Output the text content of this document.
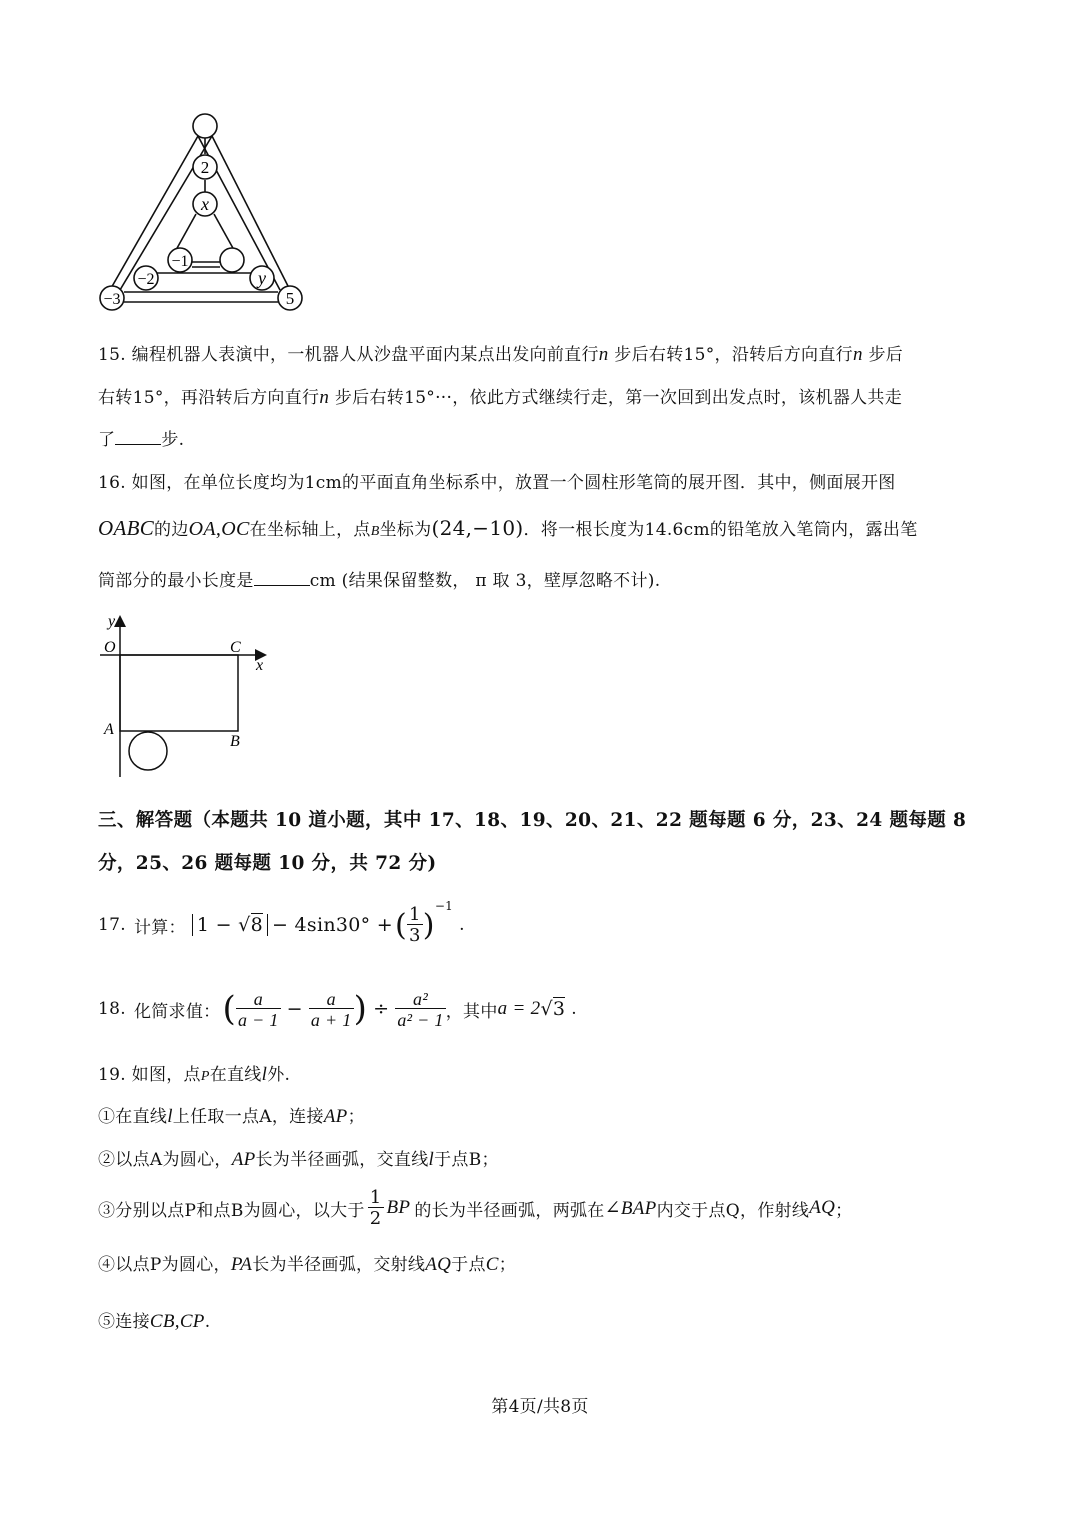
2
x
−1
−2	y
−3	5
15. 编程机器人表演中，一机器人从沙盘平面内某点出发向前直行n 步后右转15°，沿转后方向直行n 步后
右转15°，再沿转后方向直行n 步后右转15°···，依此方式继续行走，第一次回到出发点时，该机器人共走
了	步.
16. 如图，在单位长度均为1cm的平面直角坐标系中，放置一个圆柱形笔筒的展开图．其中，侧面展开图
OABC的边OA,OC在坐标轴上，点B坐标为(24,−10)．将一根长度为14.6cm的铅笔放入笔筒内，露出笔
筒部分的最小长度是	cm (结果保留整数， π 取 3，壁厚忽略不计).
y
x
O	C
A
B
三、解答题（本题共 10 道小题，其中 17、18、19、20、21、22 题每题 6 分，23、24 题每题 8
分，25、26 题每题 10 分，共 72 分)
17. 计算： 1 − √8 − 4sin30° + ( $\frac{1}{3}$ )
−1
.
18. 化简求值： ( $\frac{a}{a - 1} - \frac{a}{a + 1}$ ) ÷ $\frac{\text{a²}}{\text{a² − 1}}$ ，其中 a = 2 √3 .
19. 如图，点P在直线l外.
①在直线l上任取一点A，连接AP；
②以点A为圆心，AP长为半径画弧，交直线l于点B；
③分别以点P和点B为圆心，以大于 $\frac{1}{2}$ BP 的长为半径画弧，两弧在 ∠BAP 内交于点Q，作射线 AQ ；
④以点P为圆心，PA长为半径画弧，交射线AQ于点C；
⑤连接CB,CP.
第4页/共8页
